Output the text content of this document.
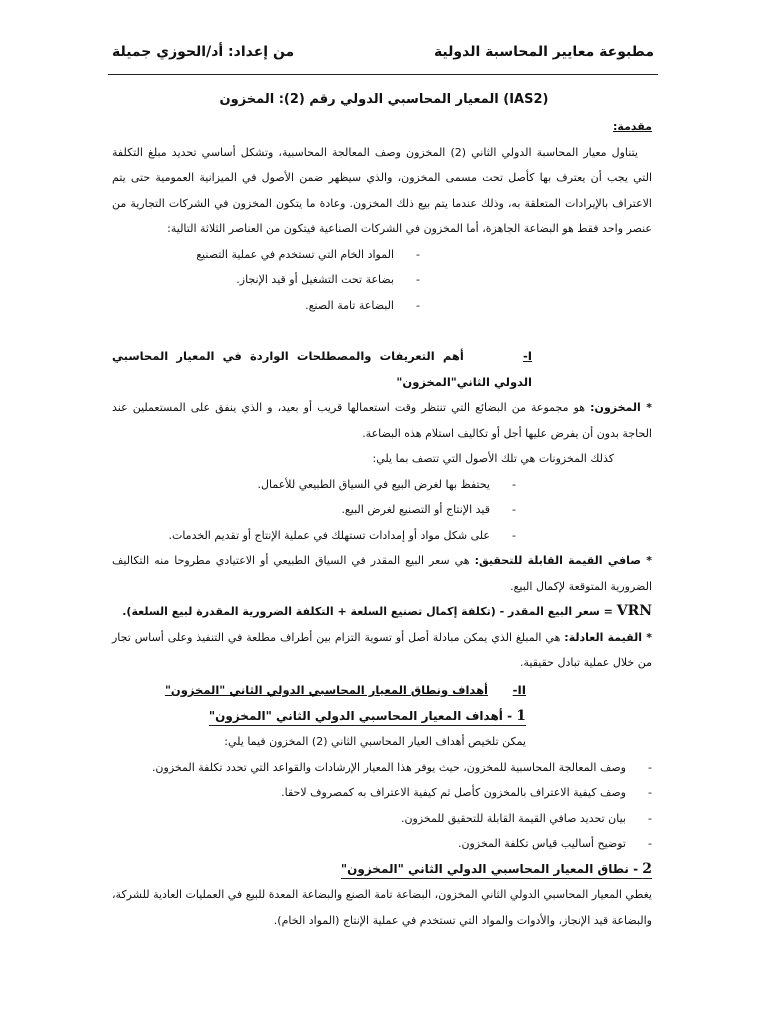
مطبوعة معايير المحاسبة الدولية
من إعداد: أد/الحوزي جميلة
(IAS2) المعيار المحاسبي الدولي رقم (2): المخزون
مقدمة:
يتناول معيار المحاسبة الدولي الثاني (2) المخزون وصف المعالجة المحاسبية، وتشكل أساسي تحديد مبلغ التكلفة التي يجب أن يعترف بها كأصل تحت مسمى المخزون، والذي سيظهر ضمن الأصول في الميزانية العمومية حتى يتم الاعتراف بالإيرادات المتعلقة به، وذلك عندما يتم بيع ذلك المخزون. وعادة ما يتكون المخزون في الشركات التجارية من عنصر واحد فقط هو البضاعة الجاهزة، أما المخزون في الشركات الصناعية فيتكون من العناصر الثلاثة التالية:
-
المواد الخام التي تستخدم في عملية التصنيع
-
بضاعة تحت التشغيل أو قيد الإنجاز.
-
البضاعة تامة الصنع.
I- أهم التعريفات والمصطلحات الواردة في المعيار المحاسبي الدولي الثاني"المخزون"
* المخزون: هو مجموعة من البضائع التي تنتظر وقت استعمالها قريب أو بعيد، و الذي ينفق على المستعملين عند الحاجة بدون أن يفرض عليها أجل أو تكاليف استلام هذه البضاعة.
كذلك المخزونات هي تلك الأصول التي تتصف بما يلي:
-
يحتفظ بها لغرض البيع في السياق الطبيعي للأعمال.
-
قيد الإنتاج أو التصنيع لغرض البيع.
-
على شكل مواد أو إمدادات تستهلك في عملية الإنتاج أو تقديم الخدمات.
* صافي القيمة القابلة للتحقيق: هي سعر البيع المقدر في السياق الطبيعي أو الاعتيادي مطروحا منه التكاليف الضرورية المتوقعة لإكمال البيع.
VRN = سعر البيع المقدر - (تكلفة إكمال تصنيع السلعة + التكلفة الضرورية المقدرة لبيع السلعة).
* القيمة العادلة: هي المبلغ الذي يمكن مبادلة أصل أو تسوية التزام بين أطراف مطلعة في التنفيذ وعلى أساس تجار من خلال عملية تبادل حقيقية.
II- أهداف ونطاق المعيار المحاسبي الدولي الثاني "المخزون"
1 - أهداف المعيار المحاسبي الدولي الثاني "المخزون"
يمكن تلخيص أهداف العيار المحاسبي الثاني (2) المخزون فيما يلي:
-
وصف المعالجة المحاسبية للمخزون، حيث يوفر هذا المعيار الإرشادات والقواعد التي تحدد تكلفة المخزون.
-
وصف كيفية الاعتراف بالمخزون كأصل ثم كيفية الاعتراف به كمصروف لاحقا.
-
بيان تحديد صافي القيمة القابلة للتحقيق للمخزون.
-
توضيح أساليب قياس تكلفة المخزون.
2 - نطاق المعيار المحاسبي الدولي الثاني "المخزون"
يغطي المعيار المحاسبي الدولي الثاني المخزون، البضاعة تامة الصنع والبضاعة المعدة للبيع في العمليات العادية للشركة، والبضاعة قيد الإنجاز، والأدوات والمواد التي تستخدم في عملية الإنتاج (المواد الخام).
